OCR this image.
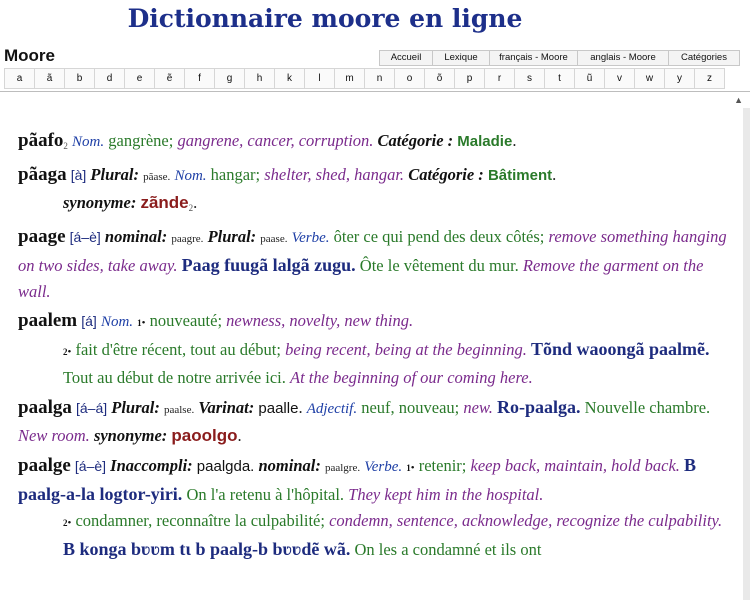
Dictionnaire moore en ligne
Moore	Accueil	Lexique	français - Moore	anglais - Moore	Catégories
a	ã	b	d	e	ẽ	f	g	h	k	l	m	n	o	õ	p	r	s	t	ũ	v	w	y	z
▲
pãafo$_2$ Nom. gangrène; gangrene, cancer, corruption. Catégorie : Maladie.
pãaga [à] Plural: pãase. Nom. hangar; shelter, shed, hangar. Catégorie : Bâtiment.
synonyme: zãnde$_2$.
paage [á–è] nominal: paagre. Plural: paase. Verbe. ôter ce qui pend des deux côtés; remove something hanging on two sides, take away. Paag fuugã lalgã zugu. Ôte le vêtement du mur. Remove the garment on the wall.
paalem [á] Nom. 1• nouveauté; newness, novelty, new thing.
2• fait d'être récent, tout au début; being recent, being at the beginning. Tõnd waoongã paalmẽ. Tout au début de notre arrivée ici. At the beginning of our coming here.
paalga [á–á] Plural: paalse. Varinat: paalle. Adjectif. neuf, nouveau; new. Ro-paalga. Nouvelle chambre. New room. synonyme: paoolgo.
paalge [á–è] Inaccompli: paalgda. nominal: paalgre. Verbe. 1• retenir; keep back, maintain, hold back. B paalg-a-la logtor-yiri. On l'a retenu à l'hôpital. They kept him in the hospital.
2• condamner, reconnaître la culpabilité; condemn, sentence, acknowledge, recognize the culpability. B konga bʋʋm tɩ b paalg-b bʋʋdẽ wã. On les a condamné et ils ont
